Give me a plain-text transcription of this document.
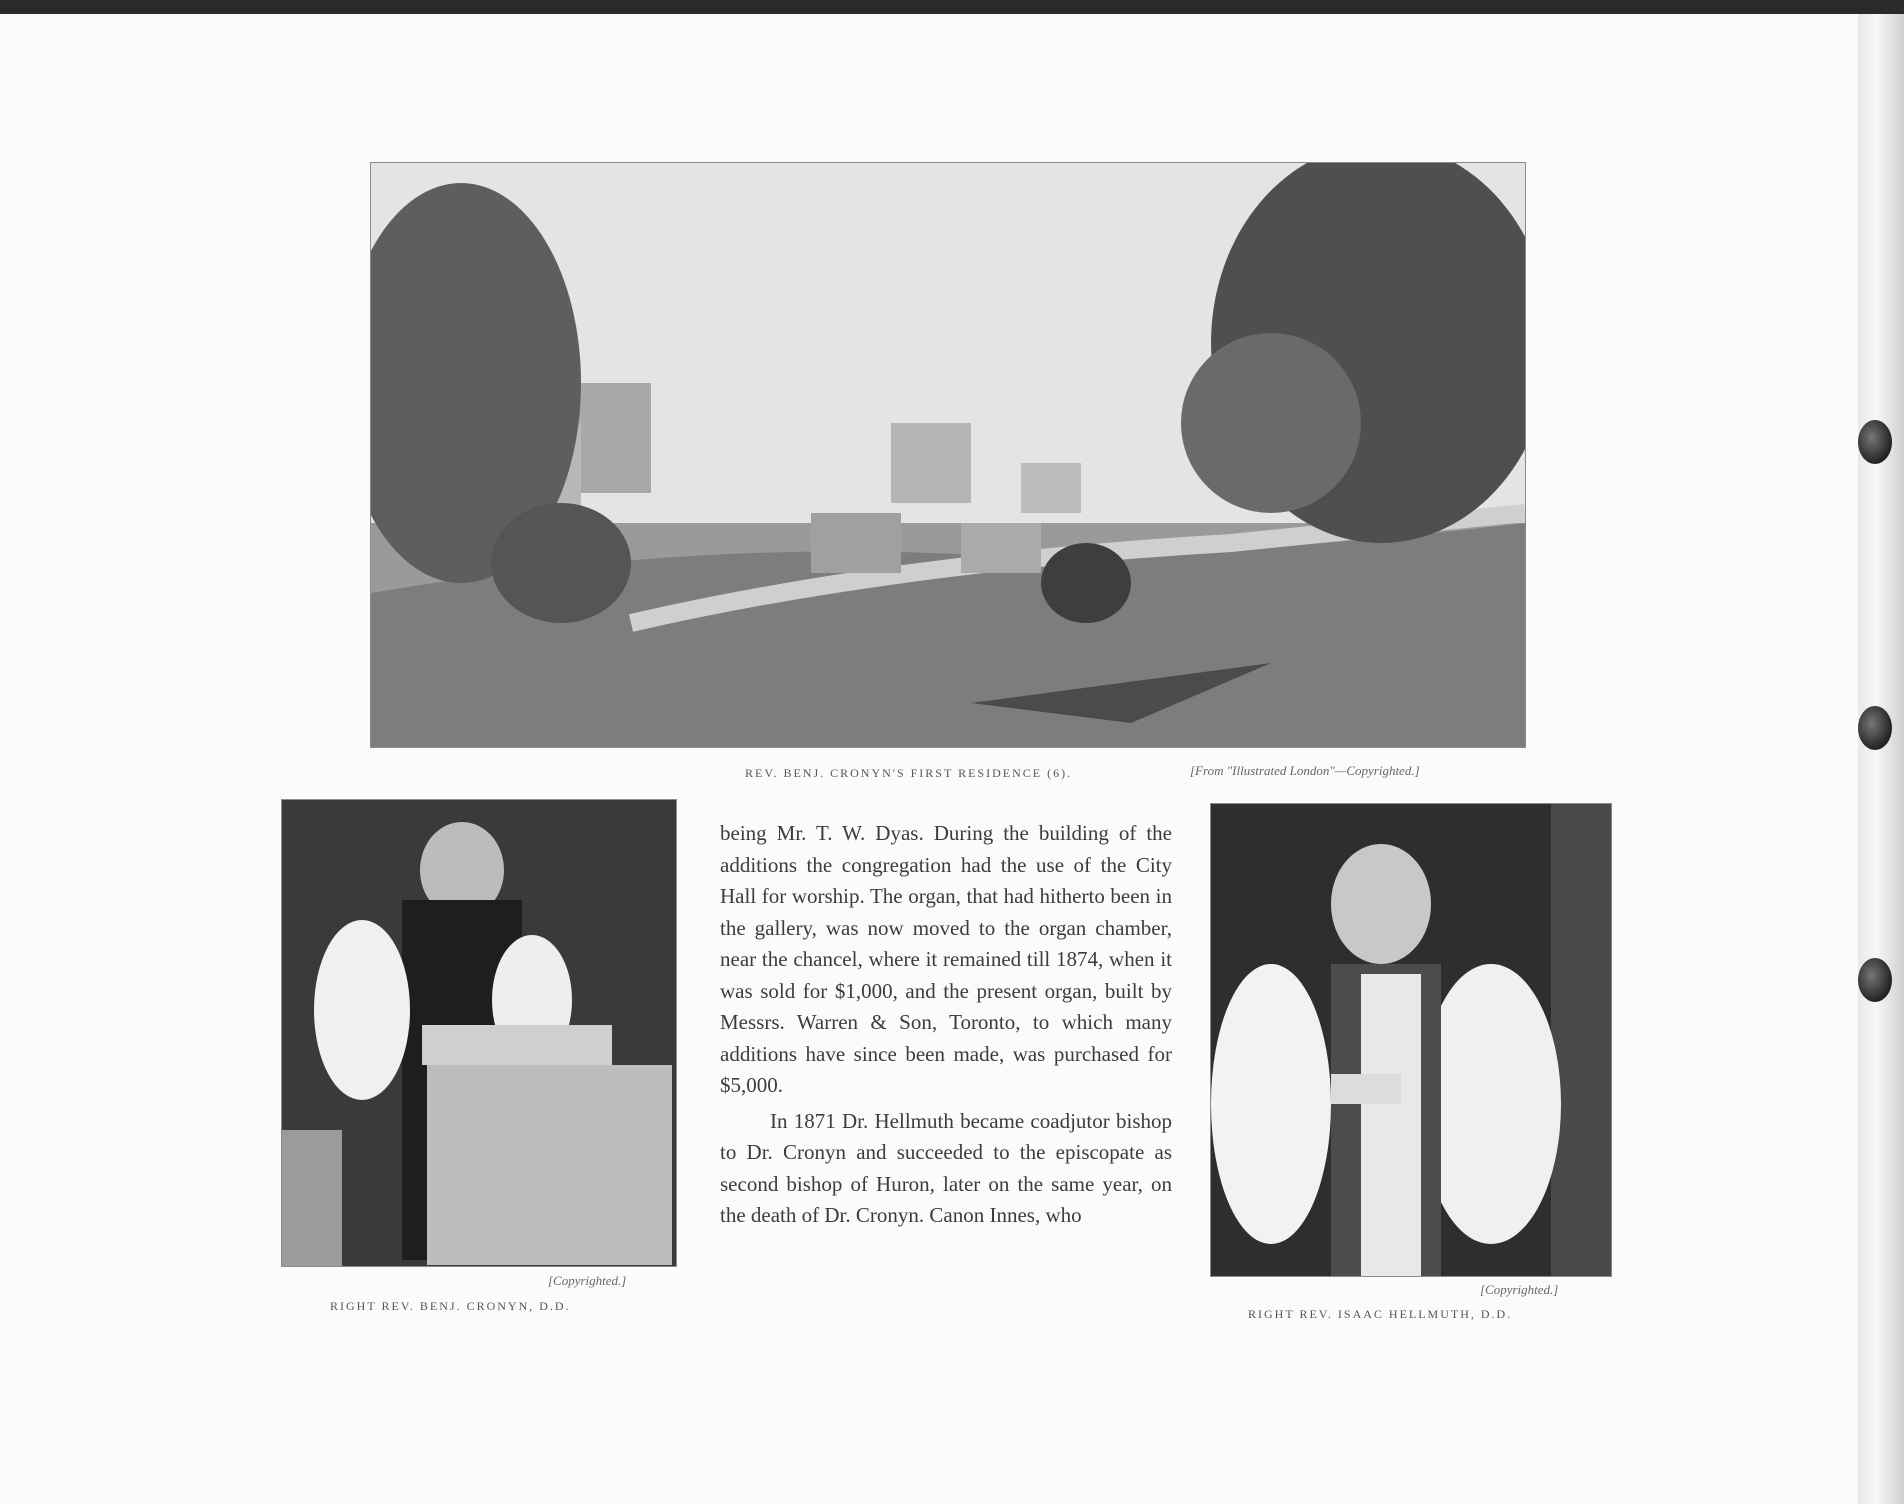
REV. BENJ. CRONYN'S FIRST RESIDENCE (6).	[From "Illustrated London"—Copyrighted.]
[Copyrighted.]
RIGHT REV. BENJ. CRONYN, D.D.

being Mr. T. W. Dyas. During the building of the additions the congregation had the use of the City Hall for worship. The organ, that had hitherto been in the gallery, was now moved to the organ chamber, near the chancel, where it remained till 1874, when it was sold for $1,000, and the present organ, built by Messrs. Warren & Son, Toronto, to which many additions have since been made, was purchased for $5,000.

In 1871 Dr. Hellmuth became coadjutor bishop to Dr. Cronyn and succeeded to the episcopate as second bishop of Huron, later on the same year, on the death of Dr. Cronyn. Canon Innes, who

[Copyrighted.]
RIGHT REV. ISAAC HELLMUTH, D.D.
